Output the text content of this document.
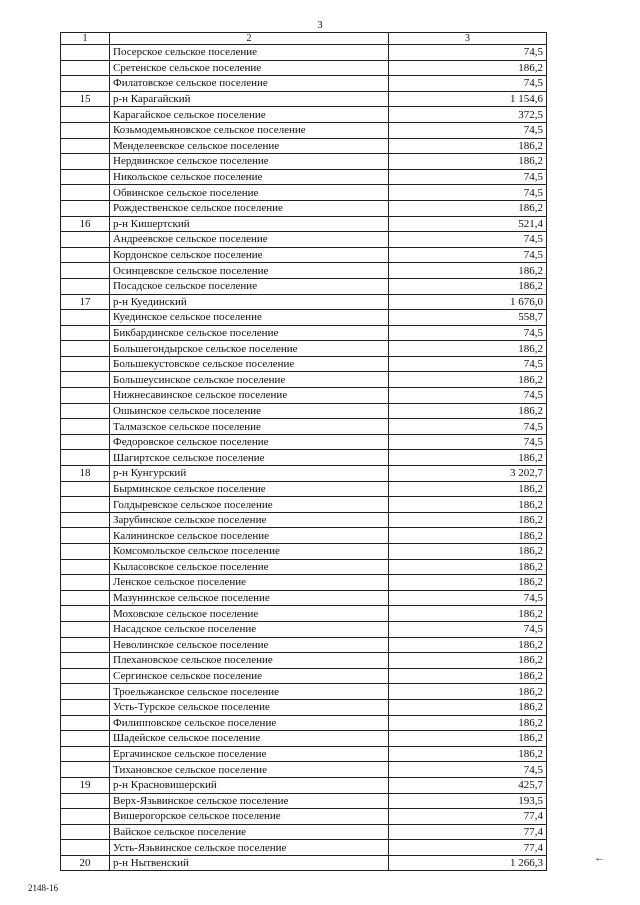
3
1	2	3
	Посерское сельское поселение	74,5
	Сретенское сельское поселение	186,2
	Филатовское сельское поселение	74,5
15	р-н Карагайский	1 154,6
	Карагайское сельское поселение	372,5
	Козьмодемьяновское сельское поселение	74,5
	Менделеевское сельское поселение	186,2
	Нердвинское сельское поселение	186,2
	Никольское сельское поселение	74,5
	Обвинское сельское поселение	74,5
	Рождественское сельское поселение	186,2
16	р-н Кишертский	521,4
	Андреевское сельское поселение	74,5
	Кордонское сельское поселение	74,5
	Осинцевское сельское поселение	186,2
	Посадское сельское поселение	186,2
17	р-н Куединский	1 676,0
	Куединское сельское поселение	558,7
	Бикбардинское сельское поселение	74,5
	Большегондырское сельское поселение	186,2
	Большекустовское сельское поселение	74,5
	Большеусинское сельское поселение	186,2
	Нижнесавинское сельское поселение	74,5
	Ошьинское сельское поселение	186,2
	Талмазское сельское поселение	74,5
	Федоровское сельское поселение	74,5
	Шагиртское сельское поселение	186,2
18	р-н Кунгурский	3 202,7
	Бырминское сельское поселение	186,2
	Голдыревское сельское поселение	186,2
	Зарубинское сельское поселение	186,2
	Калининское сельское поселение	186,2
	Комсомольское сельское поселение	186,2
	Кыласовское сельское поселение	186,2
	Ленское сельское поселение	186,2
	Мазунинское сельское поселение	74,5
	Моховское сельское поселение	186,2
	Насадское сельское поселение	74,5
	Неволинское сельское поселение	186,2
	Плехановское сельское поселение	186,2
	Сергинское сельское поселение	186,2
	Троельжанское сельское поселение	186,2
	Усть-Турское сельское поселение	186,2
	Филипповское сельское поселение	186,2
	Шадейское сельское поселение	186,2
	Ергачинское сельское поселение	186,2
	Тихановское сельское поселение	74,5
19	р-н Красновишерский	425,7
	Верх-Язьвинское сельское поселение	193,5
	Вишерогорское сельское поселение	77,4
	Вайское сельское поселение	77,4
	Усть-Язьвинское сельское поселение	77,4
20	р-н Нытвенский	1 266,3
2148-16
←
